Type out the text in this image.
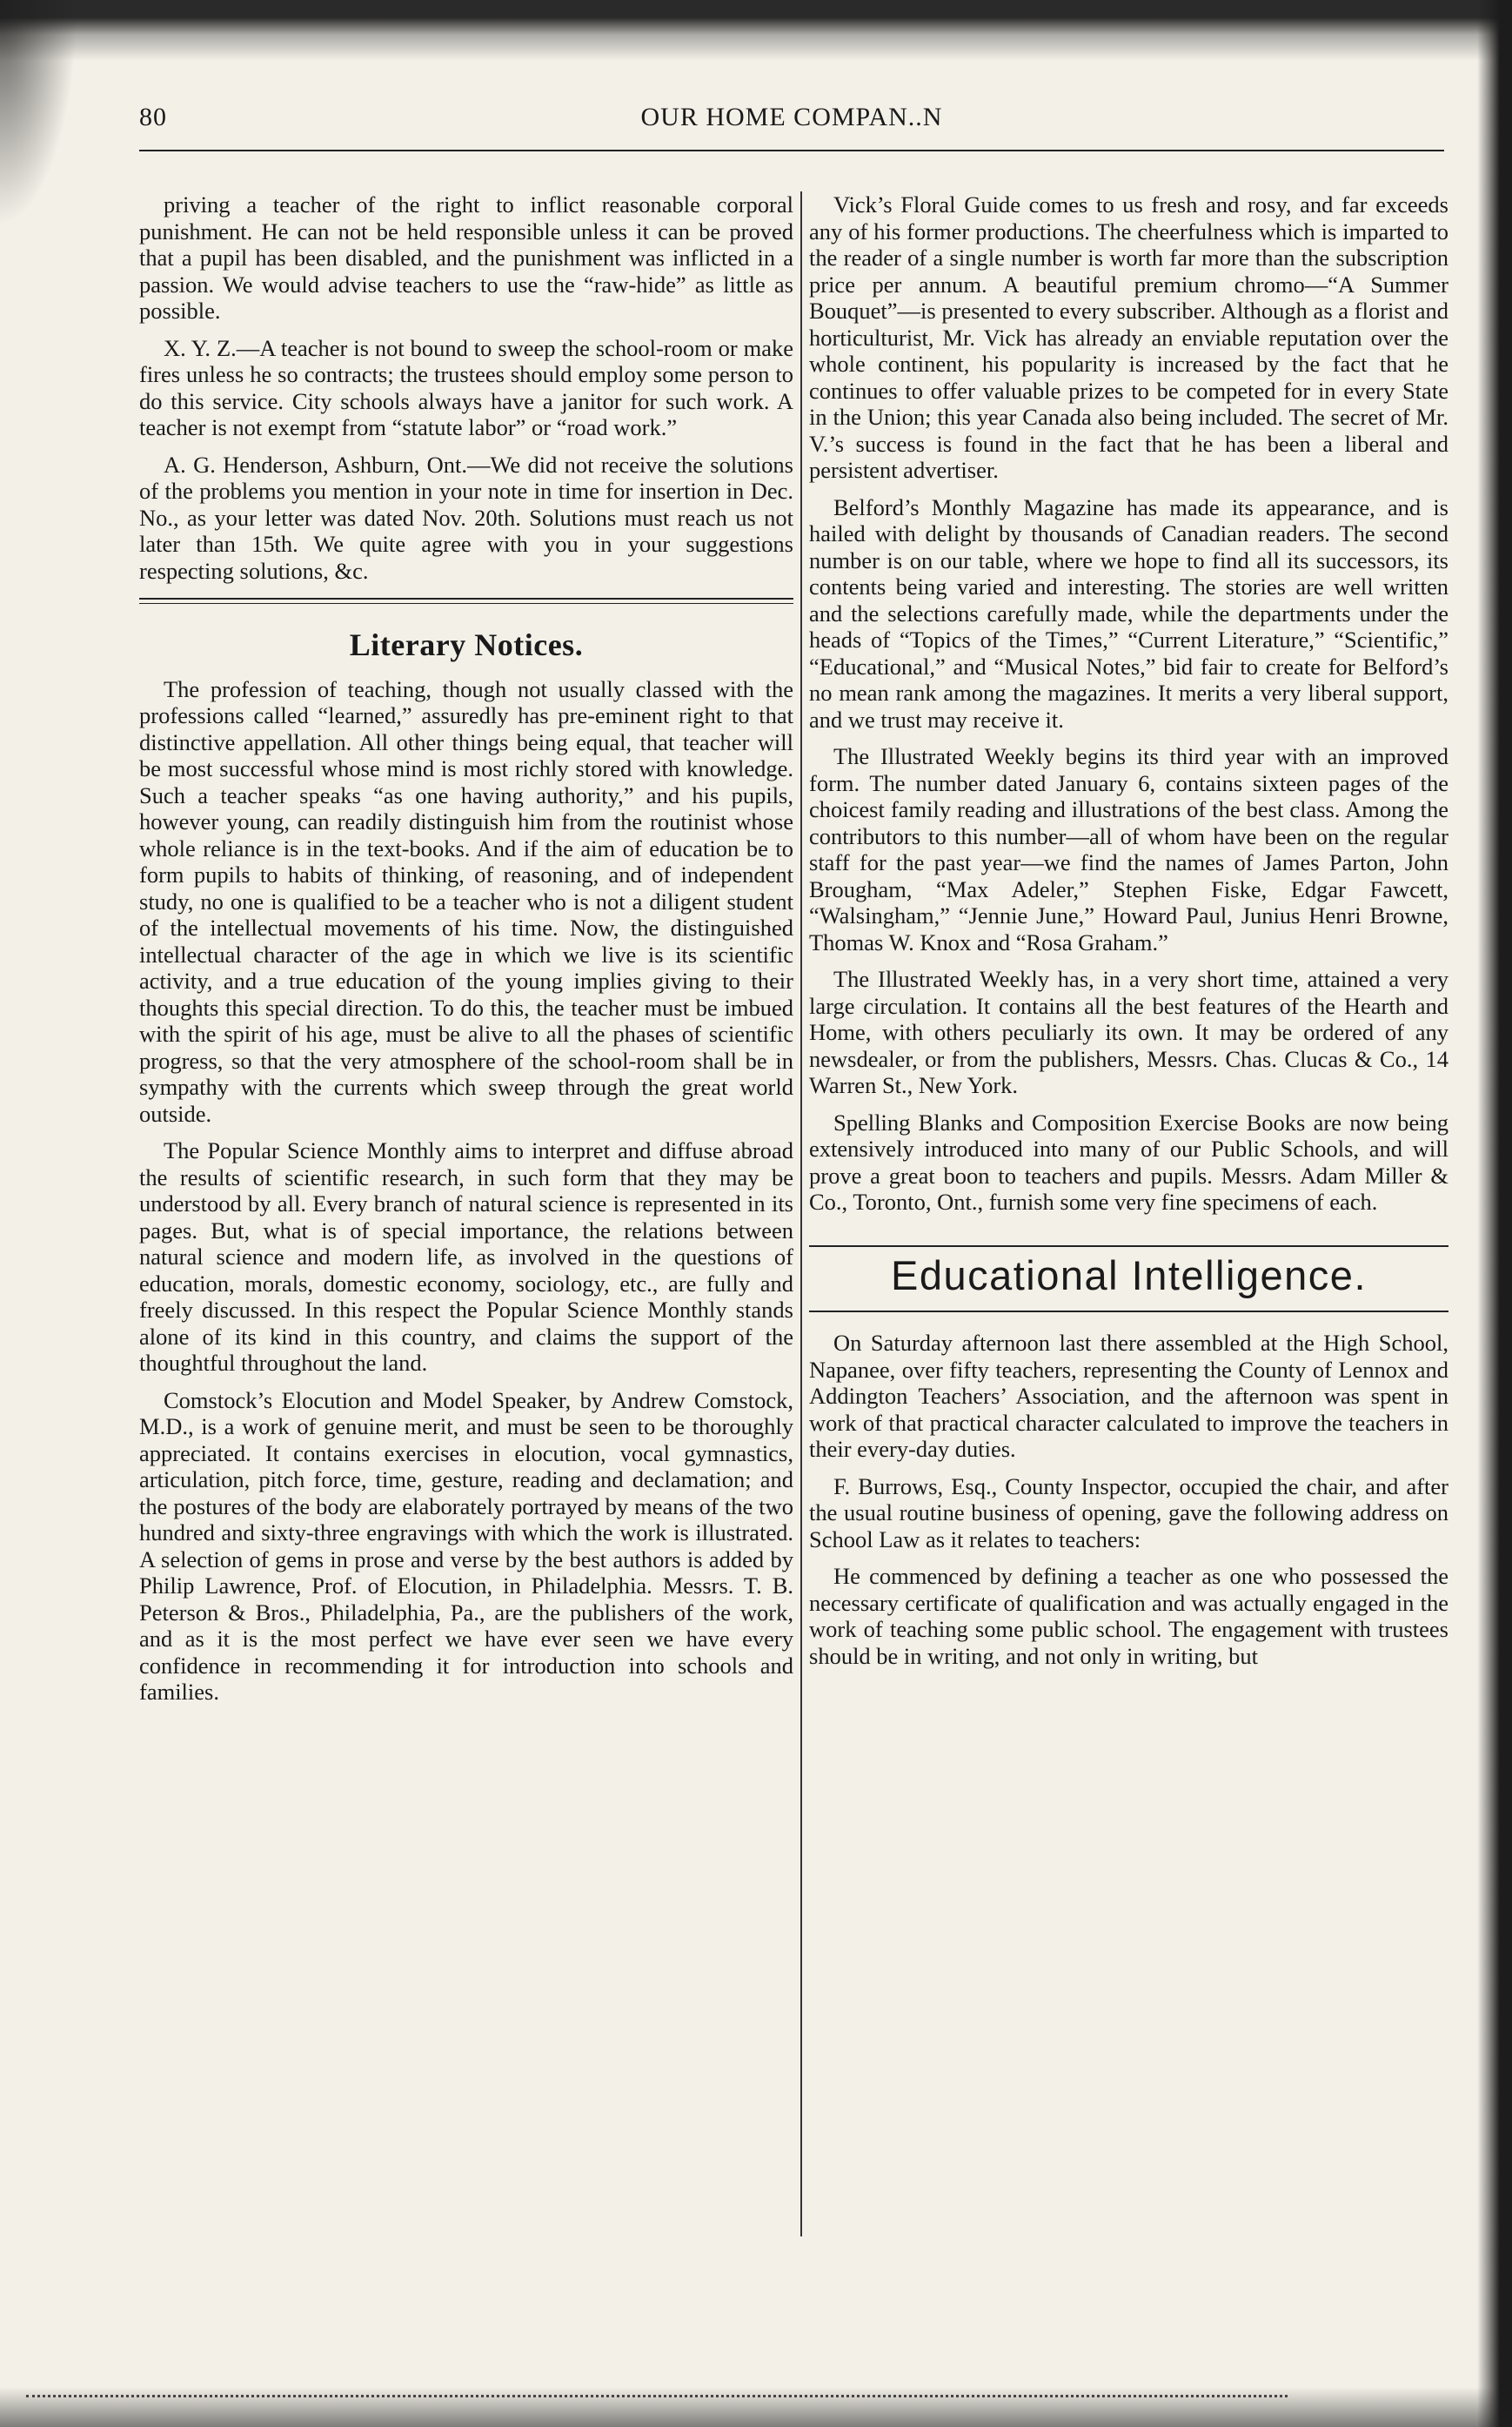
OUR HOME COMPAN..N
80

priving a teacher of the right to inflict reasonable corporal punishment. He can not be held responsible unless it can be proved that a pupil has been disabled, and the punishment was inflicted in a passion. We would advise teachers to use the “raw-hide” as little as possible.

X. Y. Z.—A teacher is not bound to sweep the school-room or make fires unless he so contracts; the trustees should employ some person to do this service. City schools always have a janitor for such work. A teacher is not exempt from “statute labor” or “road work.”

A. G. Henderson, Ashburn, Ont.—We did not receive the solutions of the problems you mention in your note in time for insertion in Dec. No., as your letter was dated Nov. 20th. Solutions must reach us not later than 15th. We quite agree with you in your suggestions respecting solutions, &c.

Literary Notices.

The profession of teaching, though not usually classed with the professions called “learned,” assuredly has pre-eminent right to that distinctive appellation. All other things being equal, that teacher will be most successful whose mind is most richly stored with knowledge. Such a teacher speaks “as one having authority,” and his pupils, however young, can readily distinguish him from the routinist whose whole reliance is in the text-books. And if the aim of education be to form pupils to habits of thinking, of reasoning, and of independent study, no one is qualified to be a teacher who is not a diligent student of the intellectual movements of his time. Now, the distinguished intellectual character of the age in which we live is its scientific activity, and a true education of the young implies giving to their thoughts this special direction. To do this, the teacher must be imbued with the spirit of his age, must be alive to all the phases of scientific progress, so that the very atmosphere of the school-room shall be in sympathy with the currents which sweep through the great world outside.

The Popular Science Monthly aims to interpret and diffuse abroad the results of scientific research, in such form that they may be understood by all. Every branch of natural science is represented in its pages. But, what is of special importance, the relations between natural science and modern life, as involved in the questions of education, morals, domestic economy, sociology, etc., are fully and freely discussed. In this respect the Popular Science Monthly stands alone of its kind in this country, and claims the support of the thoughtful throughout the land.

Comstock’s Elocution and Model Speaker, by Andrew Comstock, M.D., is a work of genuine merit, and must be seen to be thoroughly appreciated. It contains exercises in elocution, vocal gymnastics, articulation, pitch force, time, gesture, reading and declamation; and the postures of the body are elaborately portrayed by means of the two hundred and sixty-three engravings with which the work is illustrated. A selection of gems in prose and verse by the best authors is added by Philip Lawrence, Prof. of Elocution, in Philadelphia. Messrs. T. B. Peterson & Bros., Philadelphia, Pa., are the publishers of the work, and as it is the most perfect we have ever seen we have every confidence in recommending it for introduction into schools and families.

Vick’s Floral Guide comes to us fresh and rosy, and far exceeds any of his former productions. The cheerfulness which is imparted to the reader of a single number is worth far more than the subscription price per annum. A beautiful premium chromo—“A Summer Bouquet”—is presented to every subscriber. Although as a florist and horticulturist, Mr. Vick has already an enviable reputation over the whole continent, his popularity is increased by the fact that he continues to offer valuable prizes to be competed for in every State in the Union; this year Canada also being included. The secret of Mr. V.’s success is found in the fact that he has been a liberal and persistent advertiser.

Belford’s Monthly Magazine has made its appearance, and is hailed with delight by thousands of Canadian readers. The second number is on our table, where we hope to find all its successors, its contents being varied and interesting. The stories are well written and the selections carefully made, while the departments under the heads of “Topics of the Times,” “Current Literature,” “Scientific,” “Educational,” and “Musical Notes,” bid fair to create for Belford’s no mean rank among the magazines. It merits a very liberal support, and we trust may receive it.

The Illustrated Weekly begins its third year with an improved form. The number dated January 6, contains sixteen pages of the choicest family reading and illustrations of the best class. Among the contributors to this number—all of whom have been on the regular staff for the past year—we find the names of James Parton, John Brougham, “Max Adeler,” Stephen Fiske, Edgar Fawcett, “Walsingham,” “Jennie June,” Howard Paul, Junius Henri Browne, Thomas W. Knox and “Rosa Graham.”

The Illustrated Weekly has, in a very short time, attained a very large circulation. It contains all the best features of the Hearth and Home, with others peculiarly its own. It may be ordered of any newsdealer, or from the publishers, Messrs. Chas. Clucas & Co., 14 Warren St., New York.

Spelling Blanks and Composition Exercise Books are now being extensively introduced into many of our Public Schools, and will prove a great boon to teachers and pupils. Messrs. Adam Miller & Co., Toronto, Ont., furnish some very fine specimens of each.

Educational Intelligence.

On Saturday afternoon last there assembled at the High School, Napanee, over fifty teachers, representing the County of Lennox and Addington Teachers’ Association, and the afternoon was spent in work of that practical character calculated to improve the teachers in their every-day duties.

F. Burrows, Esq., County Inspector, occupied the chair, and after the usual routine business of opening, gave the following address on School Law as it relates to teachers:

He commenced by defining a teacher as one who possessed the necessary certificate of qualification and was actually engaged in the work of teaching some public school. The engagement with trustees should be in writing, and not only in writing, but
